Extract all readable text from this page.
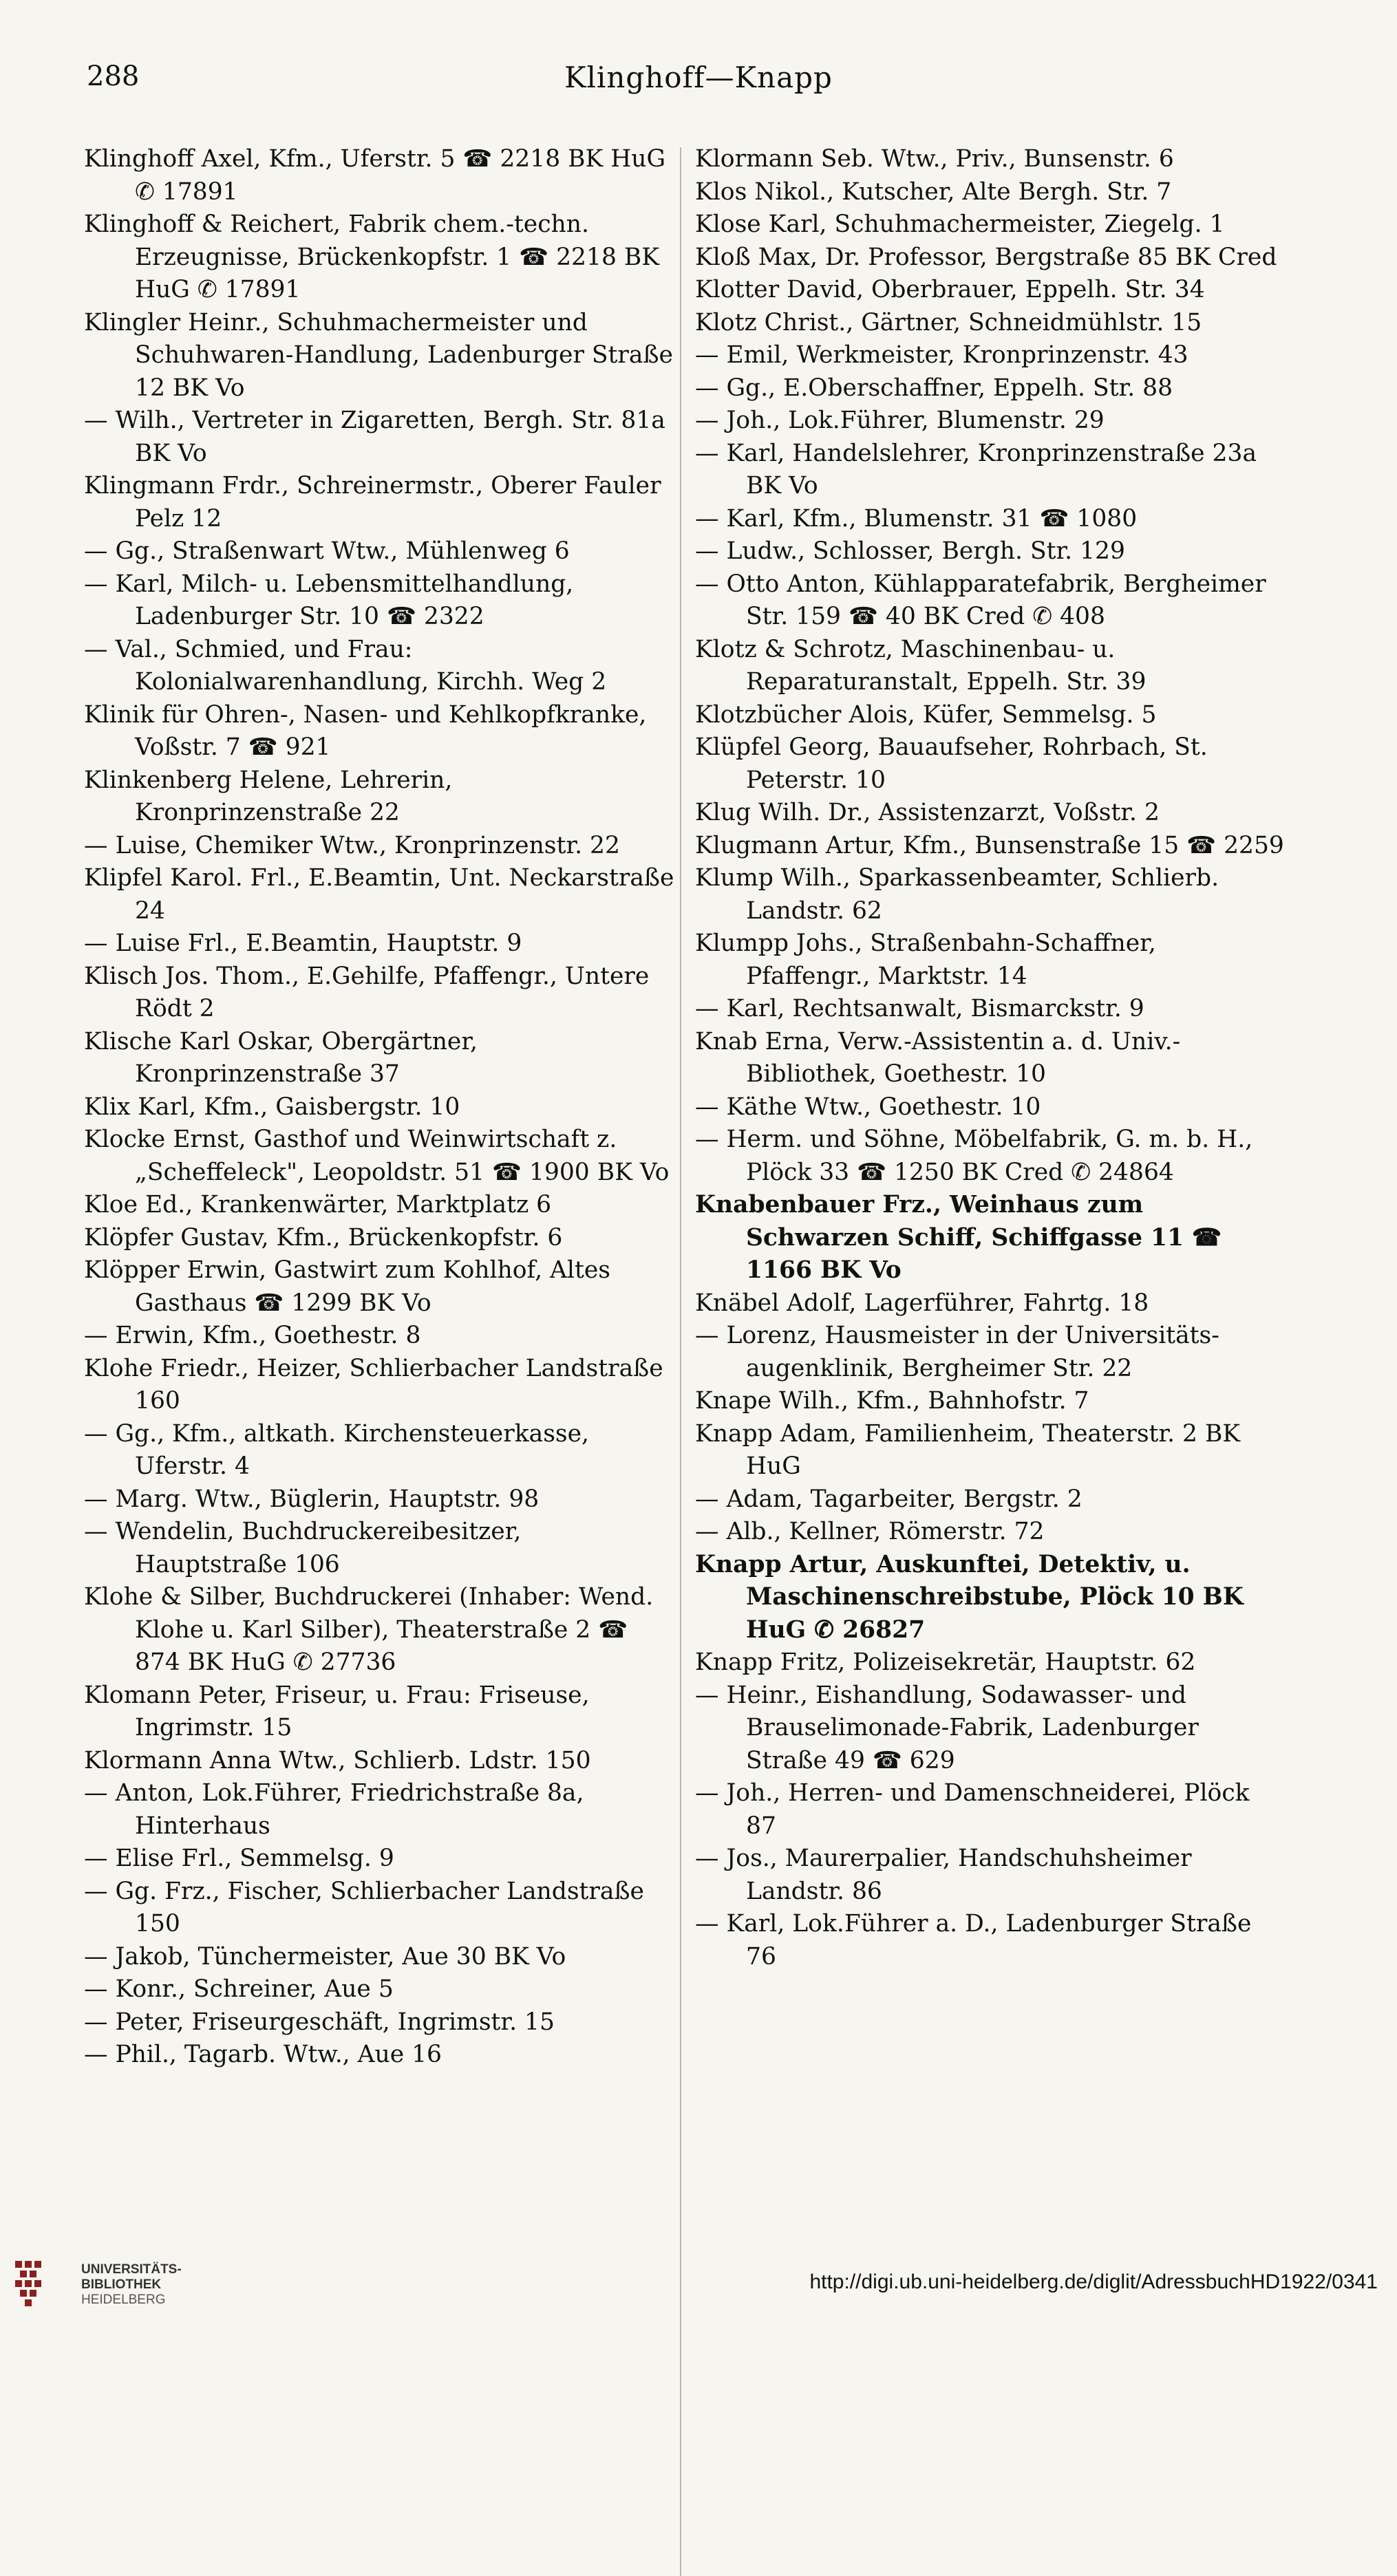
288	Klinghoff—Knapp

Klinghoff Axel, Kfm., Uferstr. 5 ☎ 2218 BK HuG ✆ 17891

Klinghoff & Reichert, Fabrik chem.-techn. Erzeugnisse, Brückenkopfstr. 1 ☎ 2218 BK HuG ✆ 17891

Klingler Heinr., Schuhmachermeister und Schuhwaren-Handlung, Ladenburger Straße 12 BK Vo

— Wilh., Vertreter in Zigaretten, Bergh. Str. 81a BK Vo

Klingmann Frdr., Schreinermstr., Oberer Fauler Pelz 12

— Gg., Straßenwart Wtw., Mühlenweg 6

— Karl, Milch- u. Lebensmittelhandlung, Ladenburger Str. 10 ☎ 2322

— Val., Schmied, und Frau: Kolonialwarenhandlung, Kirchh. Weg 2

Klinik für Ohren-, Nasen- und Kehlkopfkranke, Voßstr. 7 ☎ 921

Klinkenberg Helene, Lehrerin, Kronprinzenstraße 22

— Luise, Chemiker Wtw., Kronprinzenstr. 22

Klipfel Karol. Frl., E.Beamtin, Unt. Neckarstraße 24

— Luise Frl., E.Beamtin, Hauptstr. 9

Klisch Jos. Thom., E.Gehilfe, Pfaffengr., Untere Rödt 2

Klische Karl Oskar, Obergärtner, Kronprinzenstraße 37

Klix Karl, Kfm., Gaisbergstr. 10

Klocke Ernst, Gasthof und Weinwirtschaft z. „Scheffeleck", Leopoldstr. 51 ☎ 1900 BK Vo

Kloe Ed., Krankenwärter, Marktplatz 6

Klöpfer Gustav, Kfm., Brückenkopfstr. 6

Klöpper Erwin, Gastwirt zum Kohlhof, Altes Gasthaus ☎ 1299 BK Vo

— Erwin, Kfm., Goethestr. 8

Klohe Friedr., Heizer, Schlierbacher Landstraße 160

— Gg., Kfm., altkath. Kirchensteuerkasse, Uferstr. 4

— Marg. Wtw., Büglerin, Hauptstr. 98

— Wendelin, Buchdruckereibesitzer, Hauptstraße 106

Klohe & Silber, Buchdruckerei (Inhaber: Wend. Klohe u. Karl Silber), Theaterstraße 2 ☎ 874 BK HuG ✆ 27736

Klomann Peter, Friseur, u. Frau: Friseuse, Ingrimstr. 15

Klormann Anna Wtw., Schlierb. Ldstr. 150

— Anton, Lok.Führer, Friedrichstraße 8a, Hinterhaus

— Elise Frl., Semmelsg. 9

— Gg. Frz., Fischer, Schlierbacher Landstraße 150

— Jakob, Tünchermeister, Aue 30 BK Vo

— Konr., Schreiner, Aue 5

— Peter, Friseurgeschäft, Ingrimstr. 15

— Phil., Tagarb. Wtw., Aue 16

Klormann Seb. Wtw., Priv., Bunsenstr. 6

Klos Nikol., Kutscher, Alte Bergh. Str. 7

Klose Karl, Schuhmachermeister, Ziegelg. 1

Kloß Max, Dr. Professor, Bergstraße 85 BK Cred

Klotter David, Oberbrauer, Eppelh. Str. 34

Klotz Christ., Gärtner, Schneidmühlstr. 15

— Emil, Werkmeister, Kronprinzenstr. 43

— Gg., E.Oberschaffner, Eppelh. Str. 88

— Joh., Lok.Führer, Blumenstr. 29

— Karl, Handelslehrer, Kronprinzenstraße 23a BK Vo

— Karl, Kfm., Blumenstr. 31 ☎ 1080

— Ludw., Schlosser, Bergh. Str. 129

— Otto Anton, Kühlapparatefabrik, Bergheimer Str. 159 ☎ 40 BK Cred ✆ 408

Klotz & Schrotz, Maschinenbau- u. Reparaturanstalt, Eppelh. Str. 39

Klotzbücher Alois, Küfer, Semmelsg. 5

Klüpfel Georg, Bauaufseher, Rohrbach, St. Peterstr. 10

Klug Wilh. Dr., Assistenzarzt, Voßstr. 2

Klugmann Artur, Kfm., Bunsenstraße 15 ☎ 2259

Klump Wilh., Sparkassenbeamter, Schlierb. Landstr. 62

Klumpp Johs., Straßenbahn-Schaffner, Pfaffengr., Marktstr. 14

— Karl, Rechtsanwalt, Bismarckstr. 9

Knab Erna, Verw.-Assistentin a. d. Univ.-Bibliothek, Goethestr. 10

— Käthe Wtw., Goethestr. 10

— Herm. und Söhne, Möbelfabrik, G. m. b. H., Plöck 33 ☎ 1250 BK Cred ✆ 24864

Knabenbauer Frz., Weinhaus zum Schwarzen Schiff, Schiffgasse 11 ☎ 1166 BK Vo

Knäbel Adolf, Lagerführer, Fahrtg. 18

— Lorenz, Hausmeister in der Universitäts-augenklinik, Bergheimer Str. 22

Knape Wilh., Kfm., Bahnhofstr. 7

Knapp Adam, Familienheim, Theaterstr. 2 BK HuG

— Adam, Tagarbeiter, Bergstr. 2

— Alb., Kellner, Römerstr. 72

Knapp Artur, Auskunftei, Detektiv, u. Maschinenschreibstube, Plöck 10 BK HuG ✆ 26827

Knapp Fritz, Polizeisekretär, Hauptstr. 62

— Heinr., Eishandlung, Sodawasser- und Brauselimonade-Fabrik, Ladenburger Straße 49 ☎ 629

— Joh., Herren- und Damenschneiderei, Plöck 87

— Jos., Maurerpalier, Handschuhsheimer Landstr. 86

— Karl, Lok.Führer a. D., Ladenburger Straße 76

UNIVERSITÄTS-
BIBLIOTHEK
HEIDELBERG
http://digi.ub.uni-heidelberg.de/diglit/AdressbuchHD1922/0341
